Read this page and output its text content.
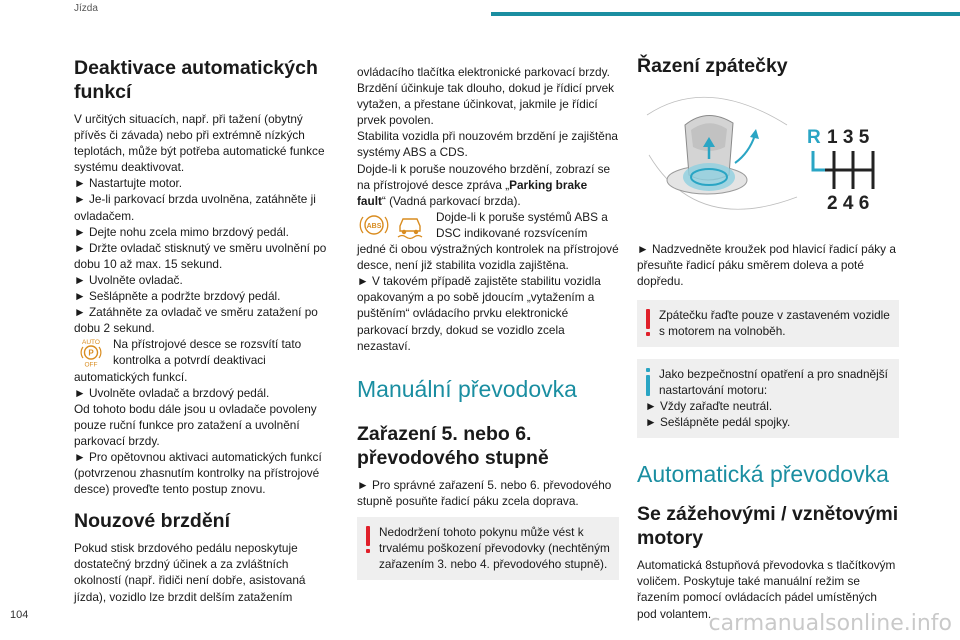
Jízda
104
Deaktivace automatických funkcí

V určitých situacích, např. při tažení (obytný přívěs či závada) nebo při extrémně nízkých teplotách, může být potřeba automatické funkce systému deaktivovat.

► Nastartujte motor.

► Je-li parkovací brzda uvolněna, zatáhněte ji ovladačem.

► Dejte nohu zcela mimo brzdový pedál.

► Držte ovladač stisknutý ve směru uvolnění po dobu 10 až max. 15 sekund.

► Uvolněte ovladač.

► Sešlápněte a podržte brzdový pedál.

► Zatáhněte za ovladač ve směru zatažení po dobu 2 sekund.

AUTO
P
OFF
Na přístrojové desce se rozsvítí tato kontrolka a potvrdí deaktivaci automatických funkcí.

► Uvolněte ovladač a brzdový pedál.

Od tohoto bodu dále jsou u ovladače povoleny pouze ruční funkce pro zatažení a uvolnění parkovací brzdy.

► Pro opětovnou aktivaci automatických funkcí (potvrzenou zhasnutím kontrolky na přístrojové desce) proveďte tento postup znovu.

Nouzové brzdění

Pokud stisk brzdového pedálu neposkytuje dostatečný brzdný účinek a za zvláštních okolností (např. řidiči není dobře, asistovaná jízda), vozidlo lze brzdit delším zatažením

ovládacího tlačítka elektronické parkovací brzdy. Brzdění účinkuje tak dlouho, dokud je řídicí prvek vytažen, a přestane účinkovat, jakmile je řídicí prvek povolen.

Stabilita vozidla při nouzovém brzdění je zajištěna systémy ABS a CDS.

Dojde-li k poruše nouzového brzdění, zobrazí se na přístrojové desce zpráva „Parking brake fault“ (Vadná parkovací brzda).

ABS
Dojde-li k poruše systémů ABS a DSC indikované rozsvícením jedné či obou výstražných kontrolek na přístrojové desce, není již stabilita vozidla zajištěna.

► V takovém případě zajistěte stabilitu vozidla opakovaným a po sobě jdoucím „vytažením a puštěním“ ovládacího prvku elektronické parkovací brzdy, dokud se vozidlo zcela nezastaví.

Manuální převodovka
Zařazení 5. nebo 6. převodového stupně

► Pro správné zařazení 5. nebo 6. převodového stupně posuňte řadicí páku zcela doprava.

Nedodržení tohoto pokynu může vést k trvalému poškození převodovky (nechtěným zařazením 3. nebo 4. převodového stupně).
Řazení zpátečky
R 1 3 5
2 4 6

► Nadzvedněte kroužek pod hlavicí řadicí páky a přesuňte řadicí páku směrem doleva a poté dopředu.

Zpátečku řaďte pouze v zastaveném vozidle s motorem na volnoběh.
Jako bezpečnostní opatření a pro snadnější nastartování motoru:
► Vždy zařaďte neutrál.
► Sešlápněte pedál spojky.
Automatická převodovka
Se zážehovými / vznětovými motory

Automatická 8stupňová převodovka s tlačítkovým voličem. Poskytuje také manuální režim se řazením pomocí ovládacích pádel umístěných pod volantem.

carmanualsonline.info
